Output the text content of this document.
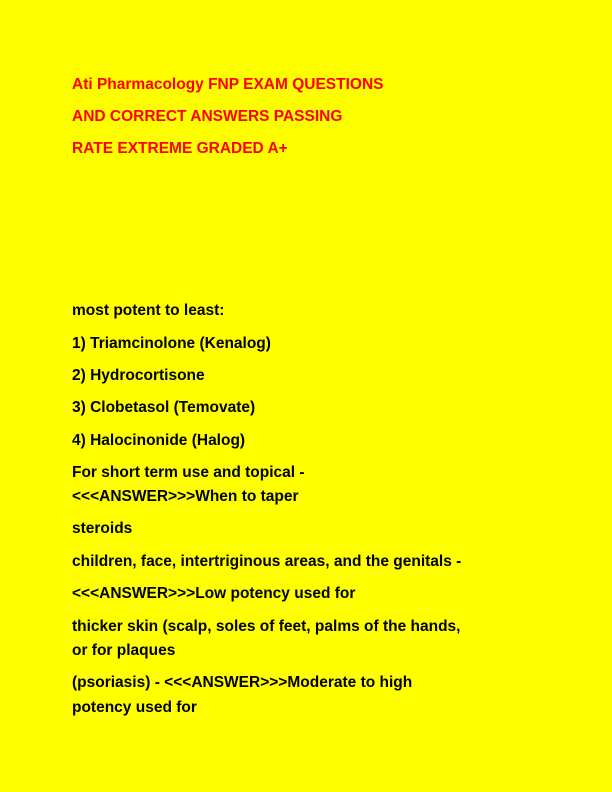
Ati Pharmacology FNP EXAM QUESTIONS
AND CORRECT ANSWERS PASSING
RATE EXTREME GRADED A+
most potent to least:
1) Triamcinolone (Kenalog)
2) Hydrocortisone
3) Clobetasol (Temovate)
4) Halocinonide (Halog)
For short term use and topical -
<<<ANSWER>>>When to taper
steroids
children, face, intertriginous areas, and the genitals -
<<<ANSWER>>>Low potency used for
thicker skin (scalp, soles of feet, palms of the hands,
or for plaques
(psoriasis) - <<<ANSWER>>>Moderate to high
potency used for
